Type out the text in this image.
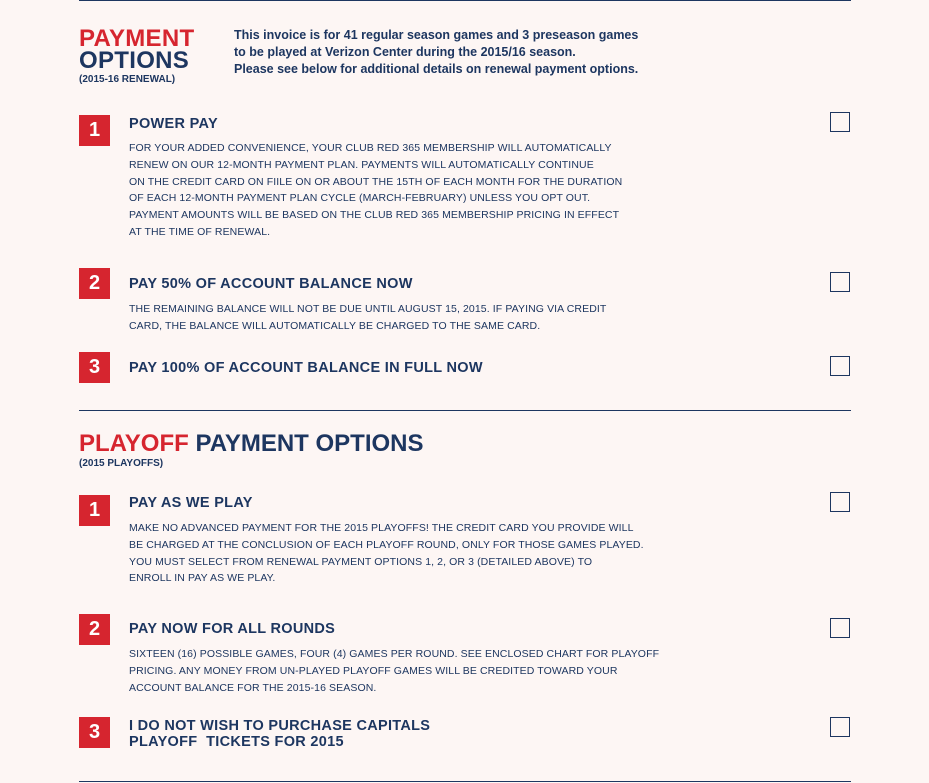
PAYMENT
OPTIONS
(2015-16 RENEWAL)
This invoice is for 41 regular season games and 3 preseason games
to be played at Verizon Center during the 2015/16 season.
Please see below for additional details on renewal payment options.
1	POWER PAY
FOR YOUR ADDED CONVENIENCE, YOUR CLUB RED 365 MEMBERSHIP WILL AUTOMATICALLY
RENEW ON OUR 12-MONTH PAYMENT PLAN. PAYMENTS WILL AUTOMATICALLY CONTINUE
ON THE CREDIT CARD ON FIILE ON OR ABOUT THE 15TH OF EACH MONTH FOR THE DURATION
OF EACH 12-MONTH PAYMENT PLAN CYCLE (MARCH-FEBRUARY) UNLESS YOU OPT OUT.
PAYMENT AMOUNTS WILL BE BASED ON THE CLUB RED 365 MEMBERSHIP PRICING IN EFFECT
AT THE TIME OF RENEWAL.
2	PAY 50% OF ACCOUNT BALANCE NOW
THE REMAINING BALANCE WILL NOT BE DUE UNTIL AUGUST 15, 2015. IF PAYING VIA CREDIT
CARD, THE BALANCE WILL AUTOMATICALLY BE CHARGED TO THE SAME CARD.
3	PAY 100% OF ACCOUNT BALANCE IN FULL NOW
PLAYOFF PAYMENT OPTIONS
(2015 PLAYOFFS)
1	PAY AS WE PLAY
MAKE NO ADVANCED PAYMENT FOR THE 2015 PLAYOFFS! THE CREDIT CARD YOU PROVIDE WILL
BE CHARGED AT THE CONCLUSION OF EACH PLAYOFF ROUND, ONLY FOR THOSE GAMES PLAYED.
YOU MUST SELECT FROM RENEWAL PAYMENT OPTIONS 1, 2, OR 3 (DETAILED ABOVE) TO
ENROLL IN PAY AS WE PLAY.
2	PAY NOW FOR ALL ROUNDS
SIXTEEN (16) POSSIBLE GAMES, FOUR (4) GAMES PER ROUND. SEE ENCLOSED CHART FOR PLAYOFF
PRICING. ANY MONEY FROM UN-PLAYED PLAYOFF GAMES WILL BE CREDITED TOWARD YOUR
ACCOUNT BALANCE FOR THE 2015-16 SEASON.
3	I DO NOT WISH TO PURCHASE CAPITALS
PLAYOFF  TICKETS FOR 2015
